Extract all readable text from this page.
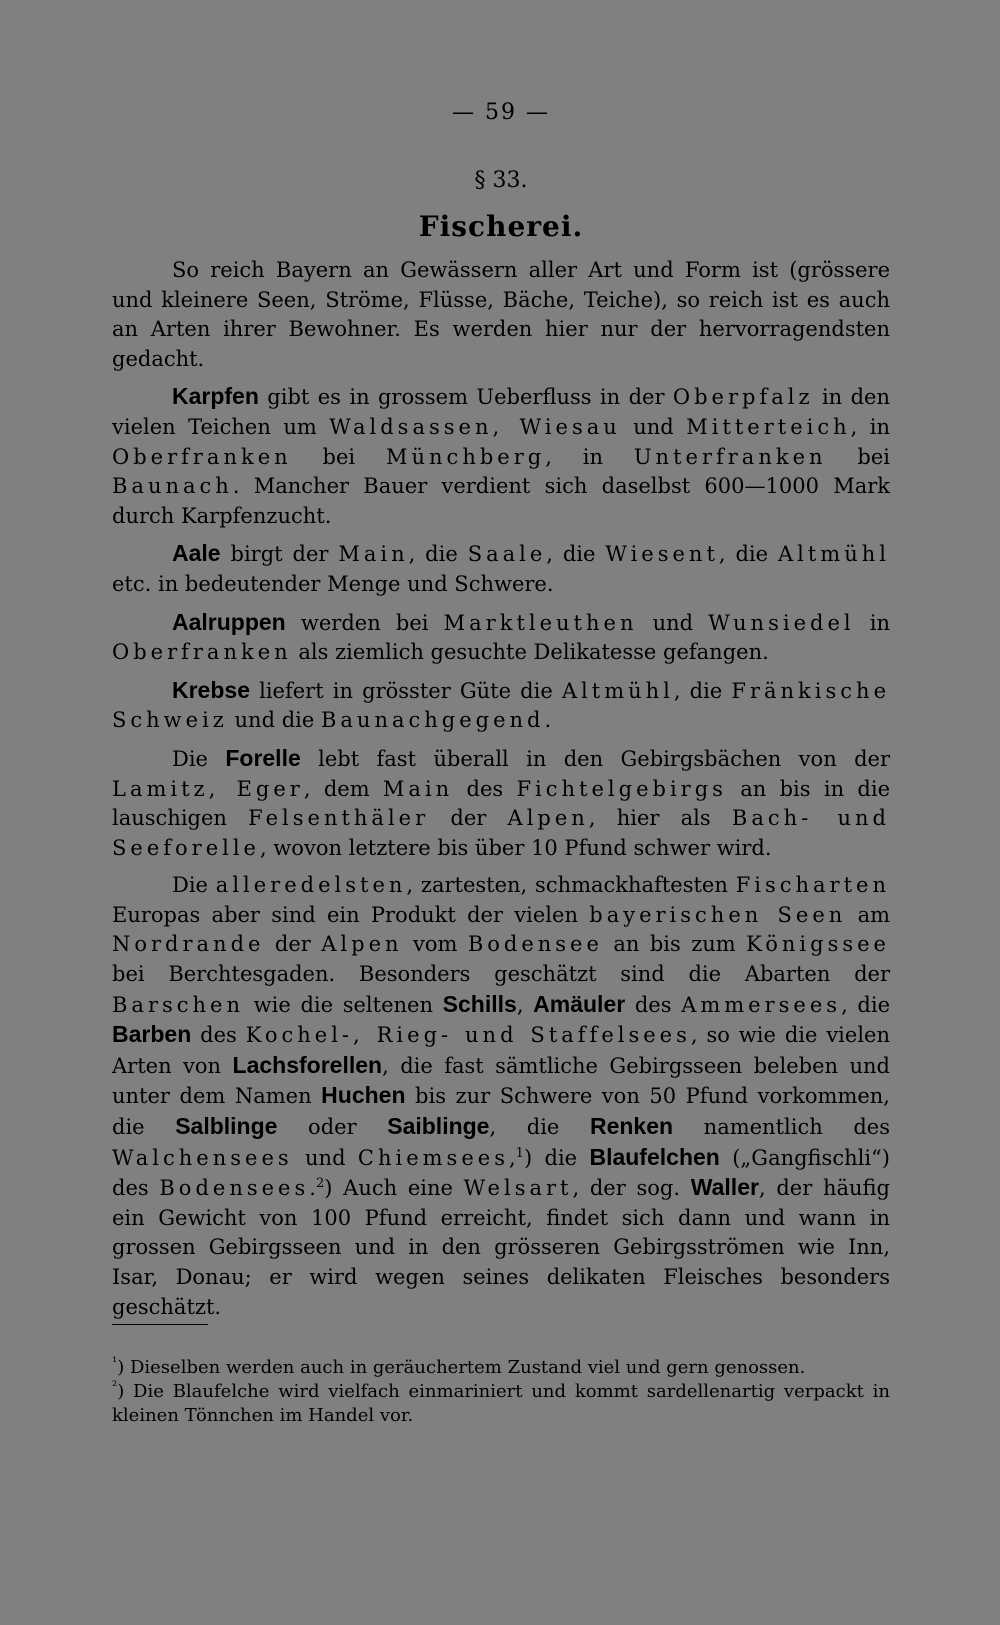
— 59 —
§ 33.
Fischerei.

So reich Bayern an Gewässern aller Art und Form ist (grössere und kleinere Seen, Ströme, Flüsse, Bäche, Teiche), so reich ist es auch an Arten ihrer Bewohner. Es werden hier nur der hervorragendsten gedacht.

Karpfen gibt es in grossem Ueberfluss in der Oberpfalz in den vielen Teichen um Waldsassen, Wiesau und Mitterteich, in Oberfranken bei Münchberg, in Unterfranken bei Baunach. Mancher Bauer verdient sich daselbst 600—1000 Mark durch Karpfenzucht.

Aale birgt der Main, die Saale, die Wiesent, die Altmühl etc. in bedeutender Menge und Schwere.

Aalruppen werden bei Marktleuthen und Wunsiedel in Oberfranken als ziemlich gesuchte Delikatesse gefangen.

Krebse liefert in grösster Güte die Altmühl, die Fränkische Schweiz und die Baunachgegend.

Die Forelle lebt fast überall in den Gebirgsbächen von der Lamitz, Eger, dem Main des Fichtelgebirgs an bis in die lauschigen Felsenthäler der Alpen, hier als Bach- und Seeforelle, wovon letztere bis über 10 Pfund schwer wird.

Die alleredelsten, zartesten, schmackhaftesten Fischarten Europas aber sind ein Produkt der vielen bayerischen Seen am Nordrande der Alpen vom Bodensee an bis zum Königssee bei Berchtesgaden. Besonders geschätzt sind die Abarten der Barschen wie die seltenen Schills, Amäuler des Ammersees, die Barben des Kochel-, Rieg- und Staffelsees, so wie die vielen Arten von Lachsforellen, die fast sämtliche Gebirgsseen beleben und unter dem Namen Huchen bis zur Schwere von 50 Pfund vorkommen, die Salblinge oder Saiblinge, die Renken namentlich des Walchensees und Chiemsees,$^1$) die Blaufelchen („Gangfischli“) des Bodensees.$^2$) Auch eine Welsart, der sog. Waller, der häufig ein Gewicht von 100 Pfund erreicht, findet sich dann und wann in grossen Gebirgsseen und in den grösseren Gebirgsströmen wie Inn, Isar, Donau; er wird wegen seines delikaten Fleisches besonders geschätzt.

$^{^1}$) Dieselben werden auch in geräuchertem Zustand viel und gern genossen.

$^{^2}$) Die Blaufelche wird vielfach einmariniert und kommt sardellenartig verpackt in kleinen Tönnchen im Handel vor.
